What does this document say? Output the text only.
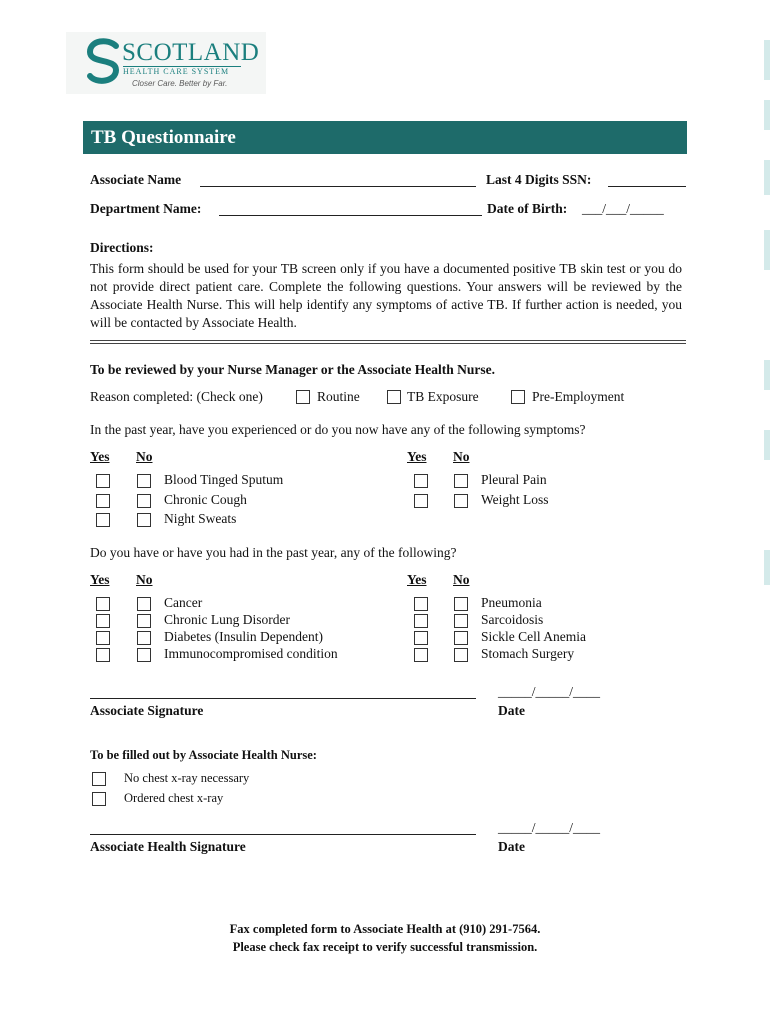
SCOTLAND
HEALTH CARE SYSTEM
Closer Care. Better by Far.
TB Questionnaire
Associate Name	Last 4 Digits SSN:
Department Name:	Date of Birth: ___/___/_____
Directions:
This form should be used for your TB screen only if you have a documented positive TB skin test or you do not provide direct patient care. Complete the following questions. Your answers will be reviewed by the Associate Health Nurse. This will help identify any symptoms of active TB. If further action is needed, you will be contacted by Associate Health.
To be reviewed by your Nurse Manager or the Associate Health Nurse.
Reason completed: (Check one)	Routine	TB Exposure	Pre-Employment
In the past year, have you experienced or do you now have any of the following symptoms?
Yes No	Yes No
Blood Tinged Sputum
Chronic Cough
Night Sweats
Pleural Pain
Weight Loss
Do you have or have you had in the past year, any of the following?
Yes No	Yes No
Cancer
Chronic Lung Disorder
Diabetes (Insulin Dependent)
Immunocompromised condition
Pneumonia
Sarcoidosis
Sickle Cell Anemia
Stomach Surgery
Associate Signature
_____/_____/____
Date
To be filled out by Associate Health Nurse:
No chest x-ray necessary
Ordered chest x-ray
Associate Health Signature
_____/_____/____
Date
Fax completed form to Associate Health at (910) 291-7564.
Please check fax receipt to verify successful transmission.
